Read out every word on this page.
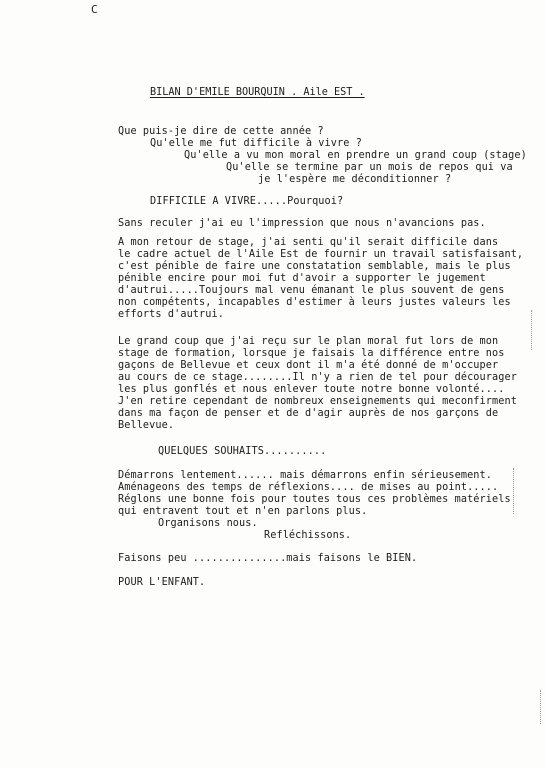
C
BILAN D'EMILE BOURQUIN . Aile EST .
Que puis-je dire de cette année ?
Qu'elle me fut difficile à vivre ?
Qu'elle a vu mon moral en prendre un grand coup (stage)
Qu'elle se termine par un mois de repos qui va
je l'espère me déconditionner ?
DIFFICILE A VIVRE.....Pourquoi?
Sans reculer j'ai eu l'impression que nous n'avancions pas.
A mon retour de stage, j'ai senti qu'il serait difficile dans
le cadre actuel de l'Aile Est de fournir un travail satisfaisant,
c'est pénible de faire une constatation semblable, mais le plus
pénible encire pour moi fut d'avoir a supporter le jugement
d'autrui.....Toujours mal venu émanant le plus souvent de gens
non compétents, incapables d'estimer à leurs justes valeurs les
efforts d'autrui.
Le grand coup que j'ai reçu sur le plan moral fut lors de mon
stage de formation, lorsque je faisais la différence entre nos
gaçons de Bellevue et ceux dont il m'a été donné de m'occuper
au cours de ce stage........Il n'y a rien de tel pour décourager
les plus gonflés et nous enlever toute notre bonne volonté....
J'en retire cependant de nombreux enseignements qui meconfirment
dans ma façon de penser et de d'agir auprès de nos garçons de
Bellevue.
QUELQUES SOUHAITS..........
Démarrons lentement...... mais démarrons enfin sérieusement.
Aménageons des temps de réflexions.... de mises au point.....
Réglons une bonne fois pour toutes tous ces problèmes matériels
qui entravent tout et n'en parlons plus.
Organisons nous.
Refléchissons.
Faisons peu ...............mais faisons le BIEN.
POUR L'ENFANT.
